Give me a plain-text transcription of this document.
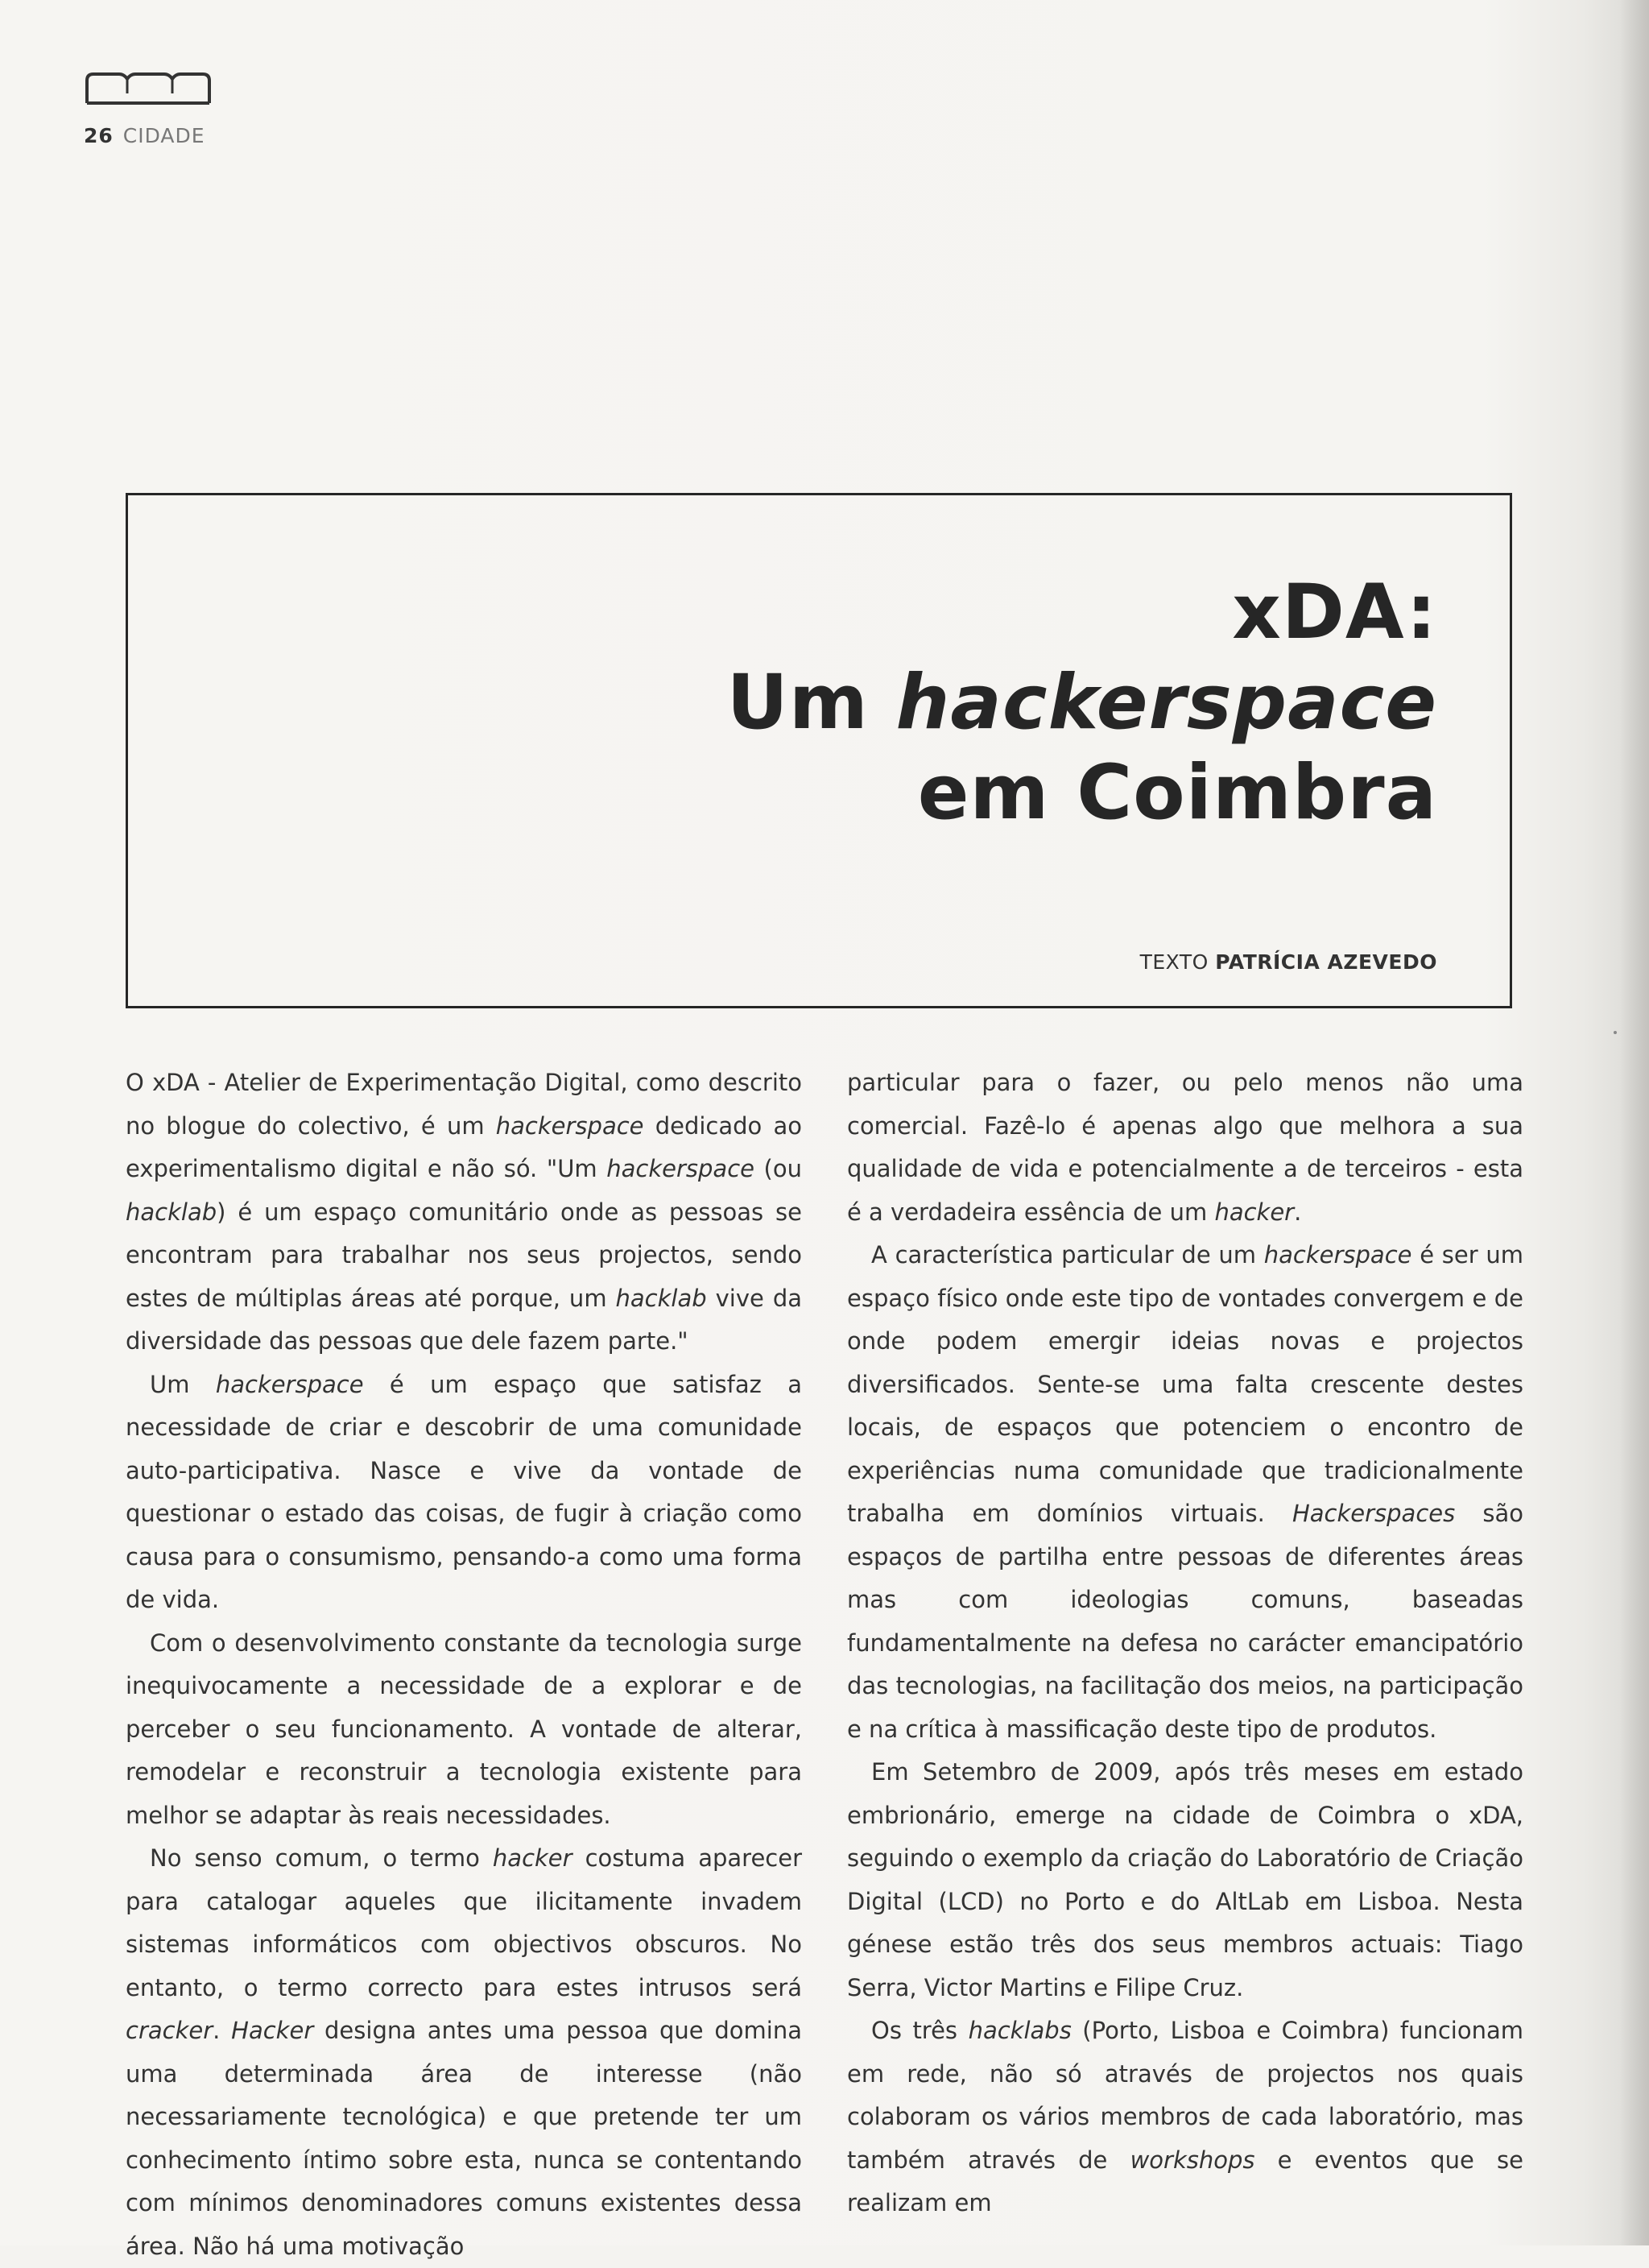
26 CIDADE
xDA:
Um hackerspace
em Coimbra
TEXTO PATRÍCIA AZEVEDO

O xDA - Atelier de Experimentação Digital, como descrito no blogue do colectivo, é um hackerspace dedicado ao experimentalismo digital e não só. "Um hackerspace (ou hacklab) é um espaço comunitário onde as pessoas se encontram para trabalhar nos seus projectos, sendo estes de múltiplas áreas até porque, um hacklab vive da diversidade das pessoas que dele fazem parte."

Um hackerspace é um espaço que satisfaz a necessidade de criar e descobrir de uma comunidade auto-participativa. Nasce e vive da vontade de questionar o estado das coisas, de fugir à criação como causa para o consumismo, pensando-a como uma forma de vida.

Com o desenvolvimento constante da tecnologia surge inequivocamente a necessidade de a explorar e de perceber o seu funcionamento. A vontade de alterar, remodelar e reconstruir a tecnologia existente para melhor se adaptar às reais necessidades.

No senso comum, o termo hacker costuma aparecer para catalogar aqueles que ilicitamente invadem sistemas informáticos com objectivos obscuros. No entanto, o termo correcto para estes intrusos será cracker. Hacker designa antes uma pessoa que domina uma determinada área de interesse (não necessariamente tecnológica) e que pretende ter um conhecimento íntimo sobre esta, nunca se contentando com mínimos denominadores comuns existentes dessa área. Não há uma motivação

particular para o fazer, ou pelo menos não uma comercial. Fazê-lo é apenas algo que melhora a sua qualidade de vida e potencialmente a de terceiros - esta é a verdadeira essência de um hacker.

A característica particular de um hackerspace é ser um espaço físico onde este tipo de vontades convergem e de onde podem emergir ideias novas e projectos diversificados. Sente-se uma falta crescente destes locais, de espaços que potenciem o encontro de experiências numa comunidade que tradicionalmente trabalha em domínios virtuais. Hackerspaces são espaços de partilha entre pessoas de diferentes áreas mas com ideologias comuns, baseadas fundamentalmente na defesa no carácter emancipatório das tecnologias, na facilitação dos meios, na participação e na crítica à massificação deste tipo de produtos.

Em Setembro de 2009, após três meses em estado embrionário, emerge na cidade de Coimbra o xDA, seguindo o exemplo da criação do Laboratório de Criação Digital (LCD) no Porto e do AltLab em Lisboa. Nesta génese estão três dos seus membros actuais: Tiago Serra, Victor Martins e Filipe Cruz.

Os três hacklabs (Porto, Lisboa e Coimbra) funcionam em rede, não só através de projectos nos quais colaboram os vários membros de cada laboratório, mas também através de workshops e eventos que se realizam em
